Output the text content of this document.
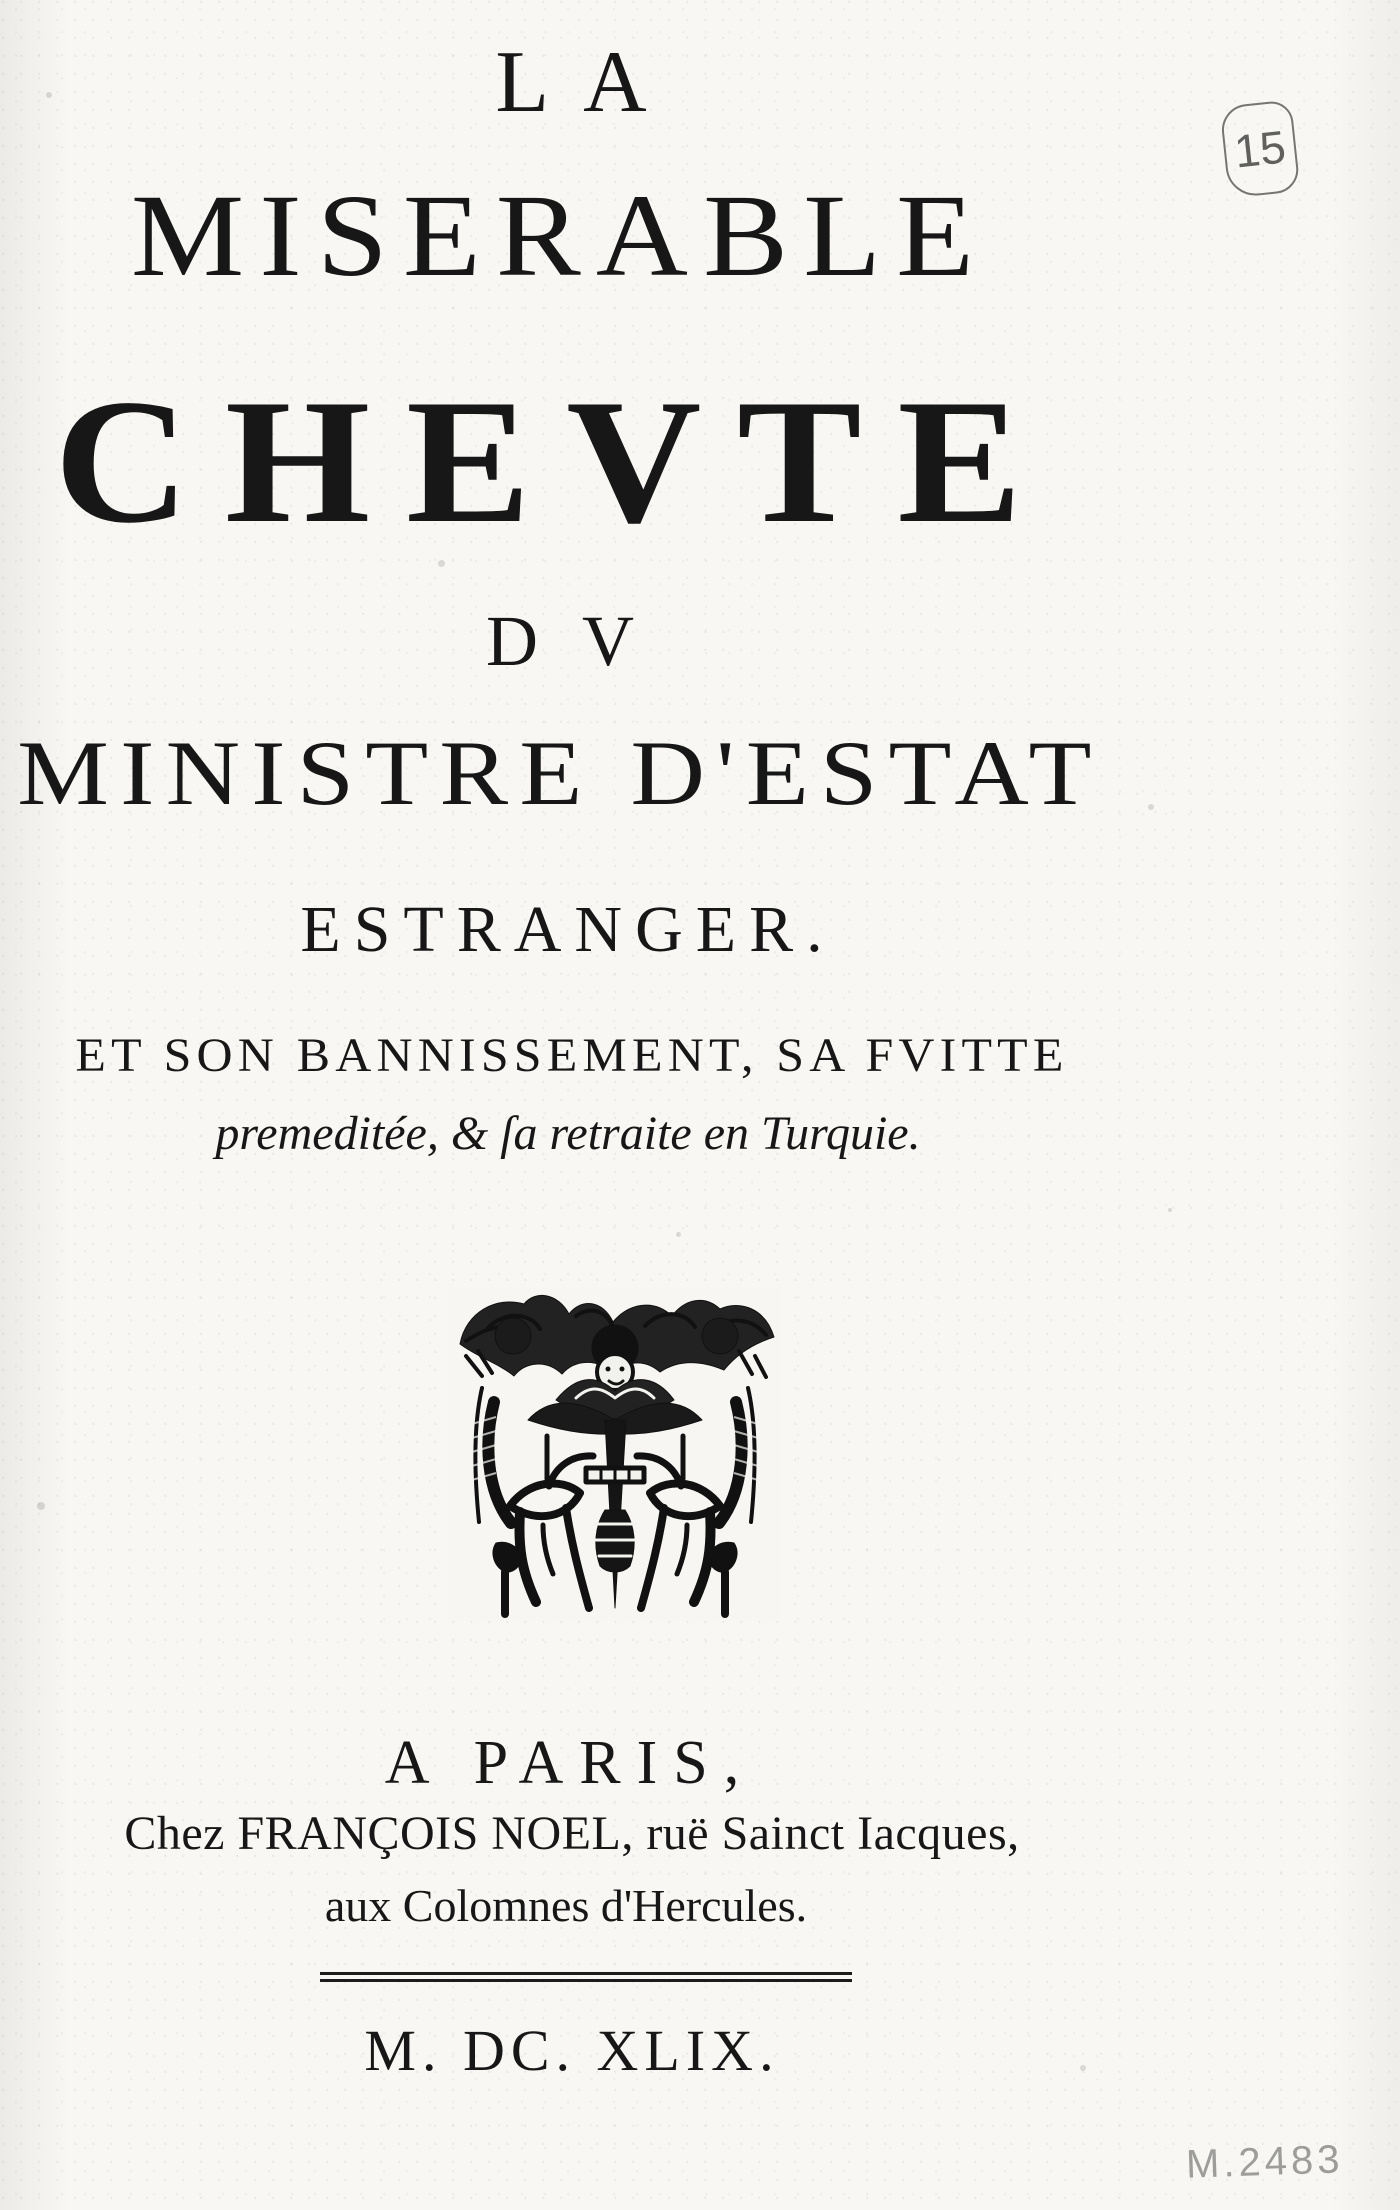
LA
MISERABLE
CHEVTE
DV
MINISTRE D'ESTAT
ESTRANGER.
ET SON BANNISSEMENT, SA FVITTE
premeditée, & ſa retraite en Turquie.
A PARIS,
Chez FRANÇOIS NOEL, ruë Sainct Iacques,
aux Colomnes d'Hercules.
M. DC. XLIX.
15
M.2483
